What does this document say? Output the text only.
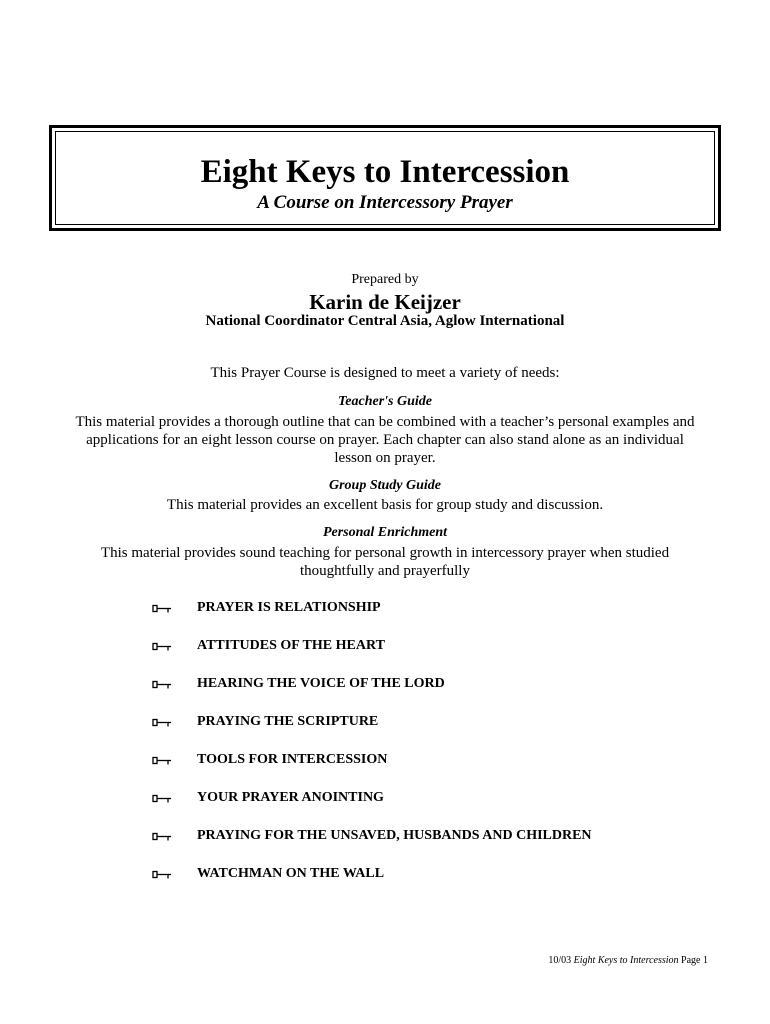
Eight Keys to Intercession

A Course on Intercessory Prayer

Prepared by
Karin de Keijzer
National Coordinator Central Asia, Aglow International
This Prayer Course is designed to meet a variety of needs:
Teacher's Guide
This material provides a thorough outline that can be combined with a teacher’s personal examples and applications for an eight lesson course on prayer. Each chapter can also stand alone as an individual lesson on prayer.
Group Study Guide
This material provides an excellent basis for group study and discussion.
Personal Enrichment
This material provides sound teaching for personal growth in intercessory prayer when studied thoughtfully and prayerfully
PRAYER IS RELATIONSHIP
ATTITUDES OF THE HEART
HEARING THE VOICE OF THE LORD
PRAYING THE SCRIPTURE
TOOLS FOR INTERCESSION
YOUR PRAYER ANOINTING
PRAYING FOR THE UNSAVED, HUSBANDS AND CHILDREN
WATCHMAN ON THE WALL
10/03 Eight Keys to Intercession Page 1
